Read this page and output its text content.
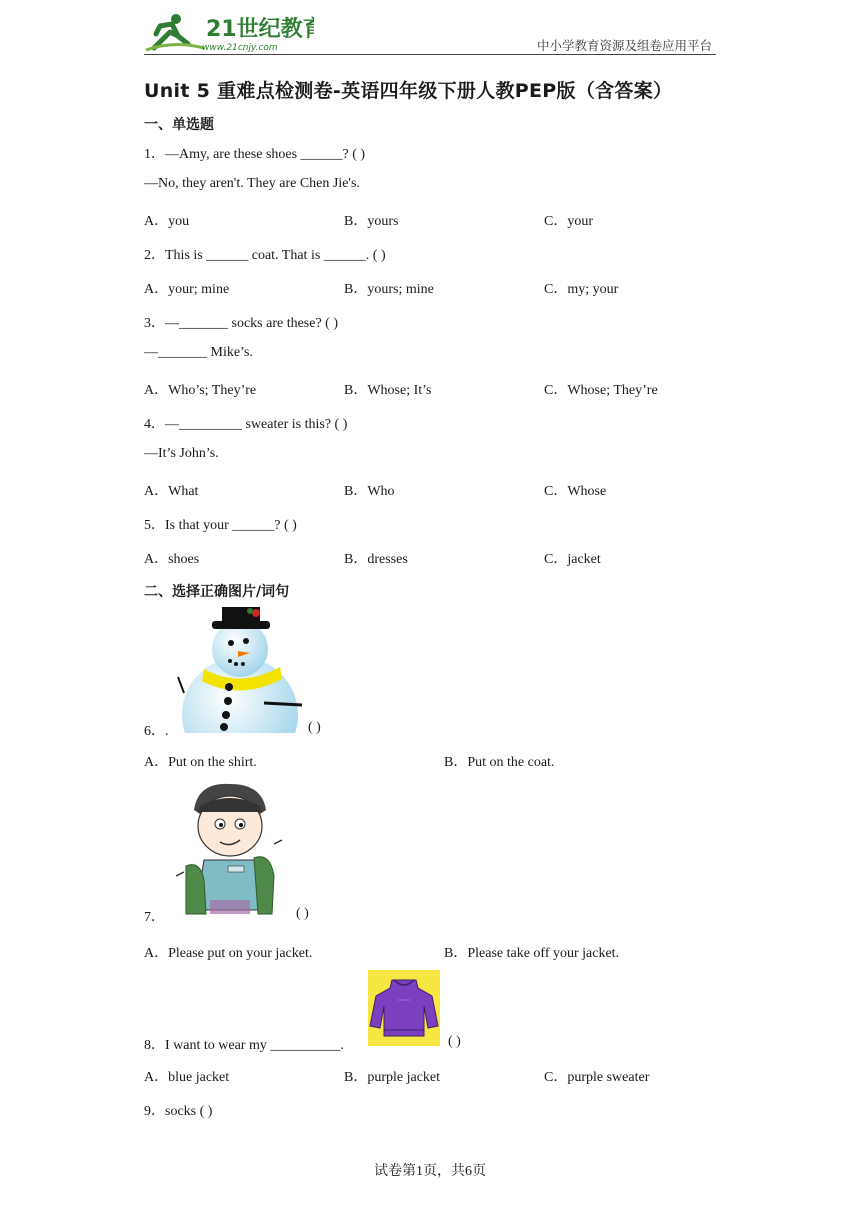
21世纪教育
www.21cnjy.com	中小学教育资源及组卷应用平台
Unit 5 重难点检测卷-英语四年级下册人教PEP版（含答案）
一、单选题
1．—Amy, are these shoes ______? ( )
—No, they aren't. They are Chen Jie's.
A．you	B．yours	C．your
2．This is ______ coat. That is ______. ( )
A．your; mine	B．yours; mine	C．my; your
3．—_______ socks are these? ( )
—_______ Mike’s.
A．Who’s; They’re	B．Whose; It’s	C．Whose; They’re
4．—_________ sweater is this? ( )
—It’s John’s.
A．What	B．Who	C．Whose
5．Is that your ______? ( )
A．shoes	B．dresses	C．jacket
二、选择正确图片/词句
6．.	( )
A．Put on the shirt.	B．Put on the coat.
7．	( )
A．Please put on your jacket.	B．Please take off your jacket.
8．I want to wear my __________.	( )
A．blue jacket	B．purple jacket	C．purple sweater
9．socks ( )
试卷第1页，共6页
